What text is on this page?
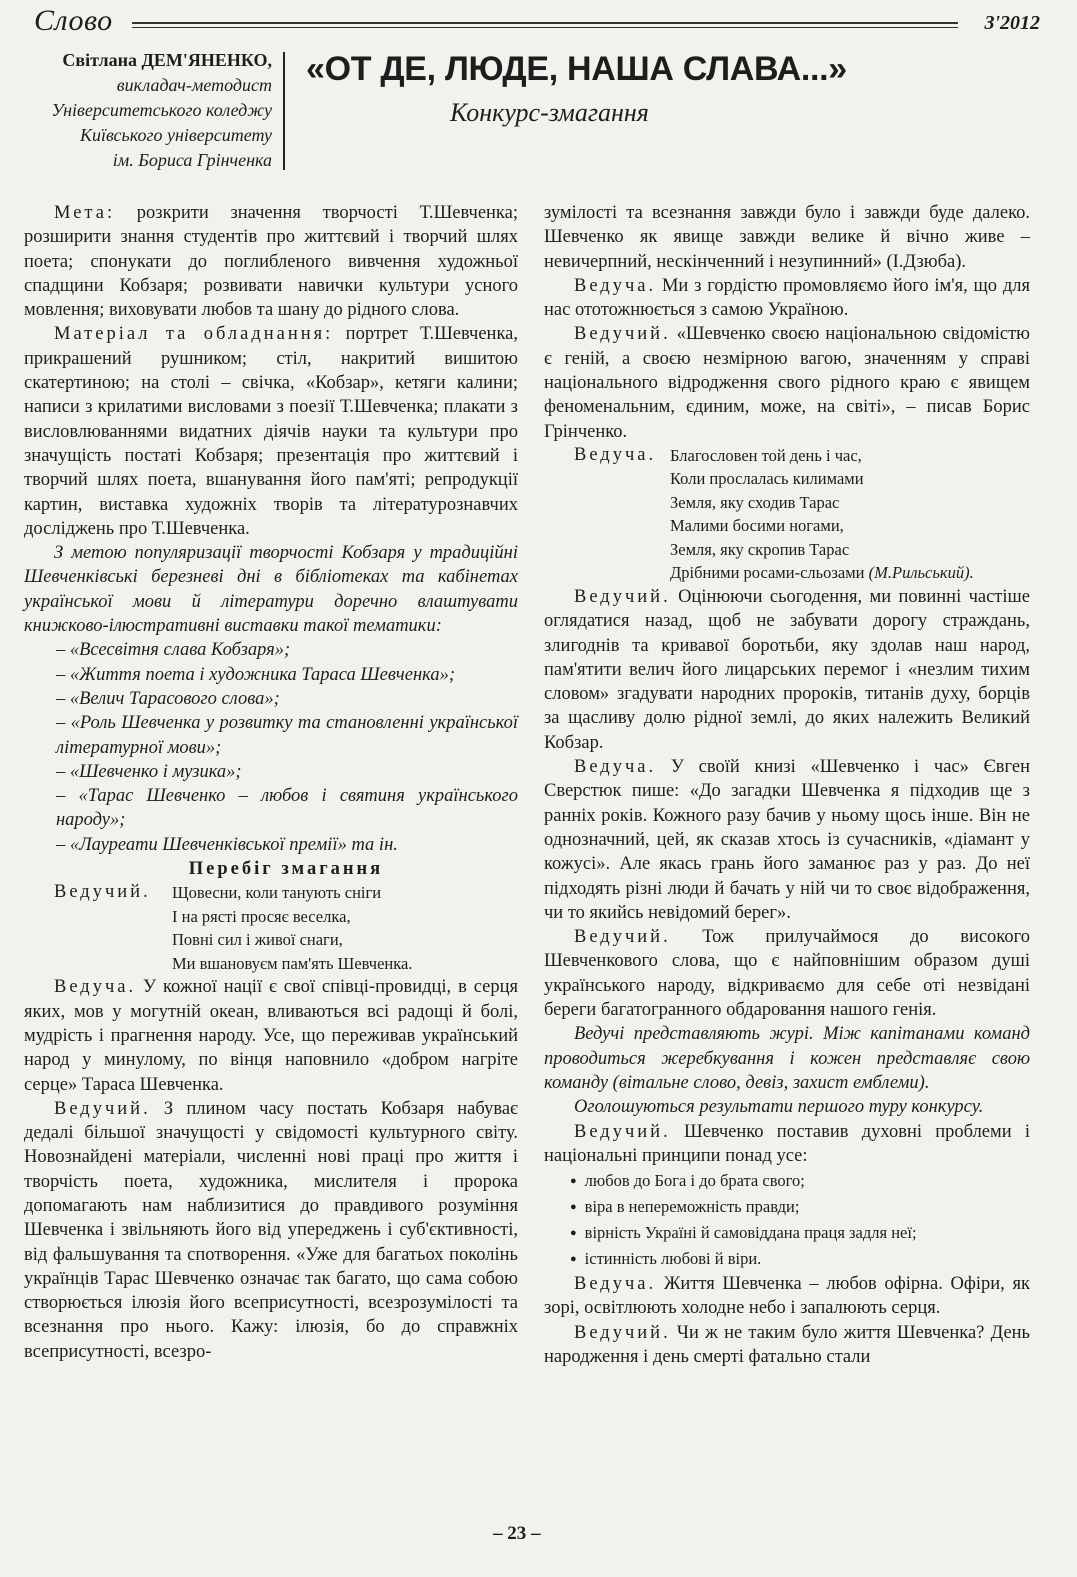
Слово	3'2012
Світлана ДЕМ'ЯНЕНКО,
викладач-методист
Університетського коледжу
Київського університету
ім. Бориса Грінченка
«ОТ ДЕ, ЛЮДЕ, НАША СЛАВА...»
Конкурс-змагання

Мета: розкрити значення творчості Т.Шевченка; розширити знання студентів про життєвий і творчий шлях поета; спонукати до поглибленого вивчення художньої спадщини Кобзаря; розвивати навички культури усного мовлення; виховувати любов та шану до рідного слова.

Матеріал та обладнання: портрет Т.Шевченка, прикрашений рушником; стіл, накритий вишитою скатертиною; на столі – свічка, «Кобзар», кетяги калини; написи з крилатими висловами з поезії Т.Шевченка; плакати з висловлюваннями видатних діячів науки та культури про значущість постаті Кобзаря; презентація про життєвий і творчий шлях поета, вшанування його пам'яті; репродукції картин, виставка художніх творів та літературознавчих досліджень про Т.Шевченка.

З метою популяризації творчості Кобзаря у традиційні Шевченківські березневі дні в бібліотеках та кабінетах української мови й літератури доречно влаштувати книжково-ілюстративні виставки такої тематики:

– «Всесвітня слава Кобзаря»;
– «Життя поета і художника Тараса Шевченка»;
– «Велич Тарасового слова»;
– «Роль Шевченка у розвитку та становленні української літературної мови»;
– «Шевченко і музика»;
– «Тарас Шевченко – любов і святиня українського народу»;
– «Лауреати Шевченківської премії» та ін.

Перебіг змагання

Ведучий. Щовесни, коли танують сніги
І на рясті просяє веселка,
Повні сил і живої снаги,
Ми вшановуєм пам'ять Шевченка.

Ведуча. У кожної нації є свої співці-провидці, в серця яких, мов у могутній океан, вливаються всі радощі й болі, мудрість і прагнення народу. Усе, що переживав український народ у минулому, по вінця наповнило «добром нагріте серце» Тараса Шевченка.

Ведучий. З плином часу постать Кобзаря набуває дедалі більшої значущості у свідомості культурного світу. Новознайдені матеріали, численні нові праці про життя і творчість поета, художника, мислителя і пророка допомагають нам наблизитися до правдивого розуміння Шевченка і звільняють його від упереджень і суб'єктивності, від фальшування та спотворення. «Уже для багатьох поколінь українців Тарас Шевченко означає так багато, що сама собою створюється ілюзія його всеприсутності, всезрозумілості та всезнання про нього. Кажу: ілюзія, бо до справжніх всеприсутності, всезро-

зумілості та всезнання завжди було і завжди буде далеко. Шевченко як явище завжди велике й вічно живе – невичерпний, нескінченний і незупинний» (І.Дзюба).

Ведуча. Ми з гордістю промовляємо його ім'я, що для нас ототожнюється з самою Україною.

Ведучий. «Шевченко своєю національною свідомістю є геній, а своєю незмірною вагою, значенням у справі національного відродження свого рідного краю є явищем феноменальним, єдиним, може, на світі», – писав Борис Грінченко.

Ведуча. Благословен той день і час,
Коли прослалась килимами
Земля, яку сходив Тарас
Малими босими ногами,
Земля, яку скропив Тарас
Дрібними росами-сльозами (М.Рильський).

Ведучий. Оцінюючи сьогодення, ми повинні частіше оглядатися назад, щоб не забувати дорогу страждань, злигоднів та кривавої боротьби, яку здолав наш народ, пам'ятити велич його лицарських перемог і «незлим тихим словом» згадувати народних пророків, титанів духу, борців за щасливу долю рідної землі, до яких належить Великий Кобзар.

Ведуча. У своїй книзі «Шевченко і час» Євген Сверстюк пише: «До загадки Шевченка я підходив ще з ранніх років. Кожного разу бачив у ньому щось інше. Він не однозначний, цей, як сказав хтось із сучасників, «діамант у кожусі». Але якась грань його заманює раз у раз. До неї підходять різні люди й бачать у ній чи то своє відображення, чи то якийсь невідомий берег».

Ведучий. Тож прилучаймося до високого Шевченкового слова, що є найповнішим образом душі українського народу, відкриваємо для себе оті незвідані береги багатогранного обдаровання нашого генія.

Ведучі представляють журі. Між капітанами команд проводиться жеребкування і кожен представляє свою команду (вітальне слово, девіз, захист емблеми).

Оголошуються результати першого туру конкурсу.

Ведучий. Шевченко поставив духовні проблеми і національні принципи понад усе:

● любов до Бога і до брата свого;
● віра в непереможність правди;
● вірність Україні й самовіддана праця задля неї;
● істинність любові й віри.

Ведуча. Життя Шевченка – любов офірна. Офіри, як зорі, освітлюють холодне небо і запалюють серця.

Ведучий. Чи ж не таким було життя Шевченка? День народження і день смерті фатально стали

– 23 –
